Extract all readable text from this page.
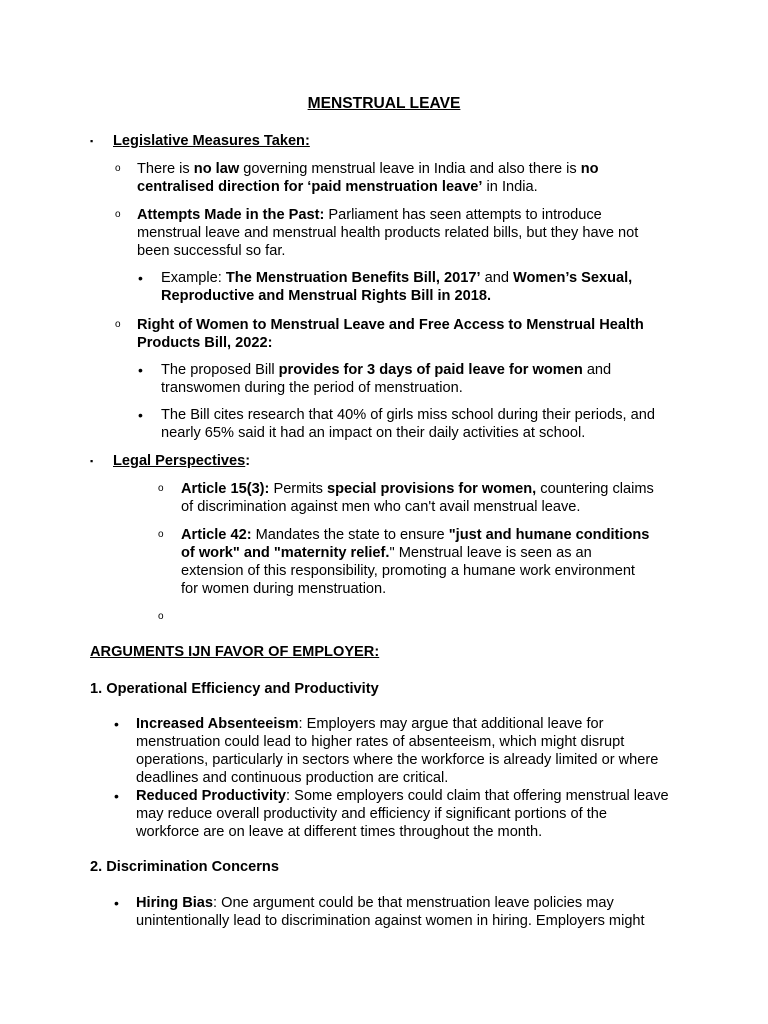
MENSTRUAL LEAVE
▪ Legislative Measures Taken:
o There is no law governing menstrual leave in India and also there is no centralised direction for ‘paid menstruation leave’ in India.
o Attempts Made in the Past: Parliament has seen attempts to introduce menstrual leave and menstrual health products related bills, but they have not been successful so far.
• Example: The Menstruation Benefits Bill, 2017’ and Women’s Sexual, Reproductive and Menstrual Rights Bill in 2018.
o Right of Women to Menstrual Leave and Free Access to Menstrual Health Products Bill, 2022:
• The proposed Bill provides for 3 days of paid leave for women and transwomen during the period of menstruation.
• The Bill cites research that 40% of girls miss school during their periods, and nearly 65% said it had an impact on their daily activities at school.
▪ Legal Perspectives:
o Article 15(3): Permits special provisions for women, countering claims of discrimination against men who can't avail menstrual leave.
o Article 42: Mandates the state to ensure "just and humane conditions of work" and "maternity relief." Menstrual leave is seen as an extension of this responsibility, promoting a humane work environment for women during menstruation.
o
ARGUMENTS IJN FAVOR OF EMPLOYER:
1. Operational Efficiency and Productivity
• Increased Absenteeism: Employers may argue that additional leave for menstruation could lead to higher rates of absenteeism, which might disrupt operations, particularly in sectors where the workforce is already limited or where deadlines and continuous production are critical.
• Reduced Productivity: Some employers could claim that offering menstrual leave may reduce overall productivity and efficiency if significant portions of the workforce are on leave at different times throughout the month.
2. Discrimination Concerns
• Hiring Bias: One argument could be that menstruation leave policies may unintentionally lead to discrimination against women in hiring. Employers might
